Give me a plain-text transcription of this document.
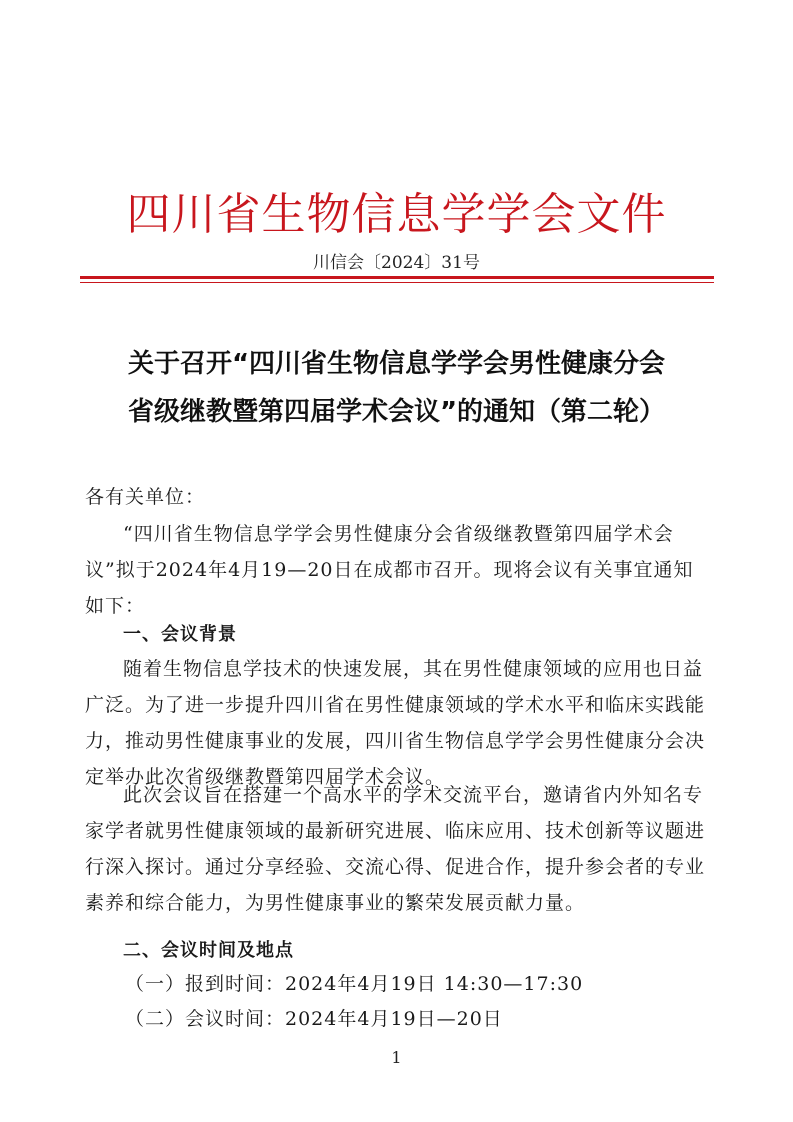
四川省生物信息学学会文件
川信会〔2024〕31号
关于召开“四川省生物信息学学会男性健康分会
省级继教暨第四届学术会议”的通知（第二轮）
各有关单位：
“四川省生物信息学学会男性健康分会省级继教暨第四届学术会议”拟于2024年4月19—20日在成都市召开。现将会议有关事宜通知如下：
一、会议背景
随着生物信息学技术的快速发展，其在男性健康领域的应用也日益广泛。为了进一步提升四川省在男性健康领域的学术水平和临床实践能力，推动男性健康事业的发展，四川省生物信息学学会男性健康分会决定举办此次省级继教暨第四届学术会议。
此次会议旨在搭建一个高水平的学术交流平台，邀请省内外知名专家学者就男性健康领域的最新研究进展、临床应用、技术创新等议题进行深入探讨。通过分享经验、交流心得、促进合作，提升参会者的专业素养和综合能力，为男性健康事业的繁荣发展贡献力量。
二、会议时间及地点
（一）报到时间：2024年4月19日 14:30—17:30
（二）会议时间：2024年4月19日—20日
1
